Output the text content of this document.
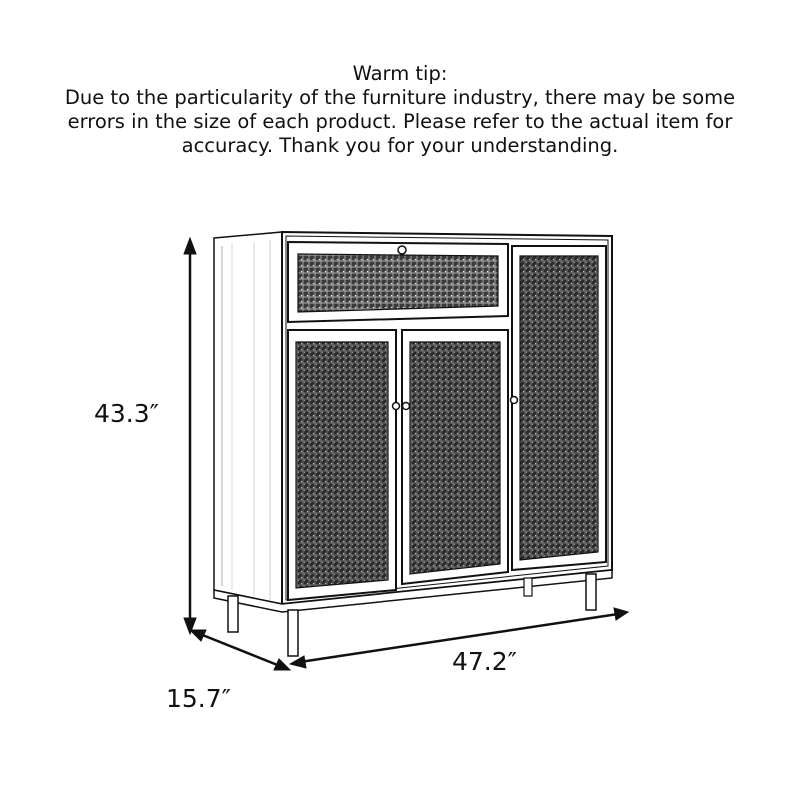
Warm tip:
Due to the particularity of the furniture industry, there may be some
errors in the size of each product. Please refer to the actual item for
accuracy. Thank you for your understanding.
43.3″
15.7″
47.2″
